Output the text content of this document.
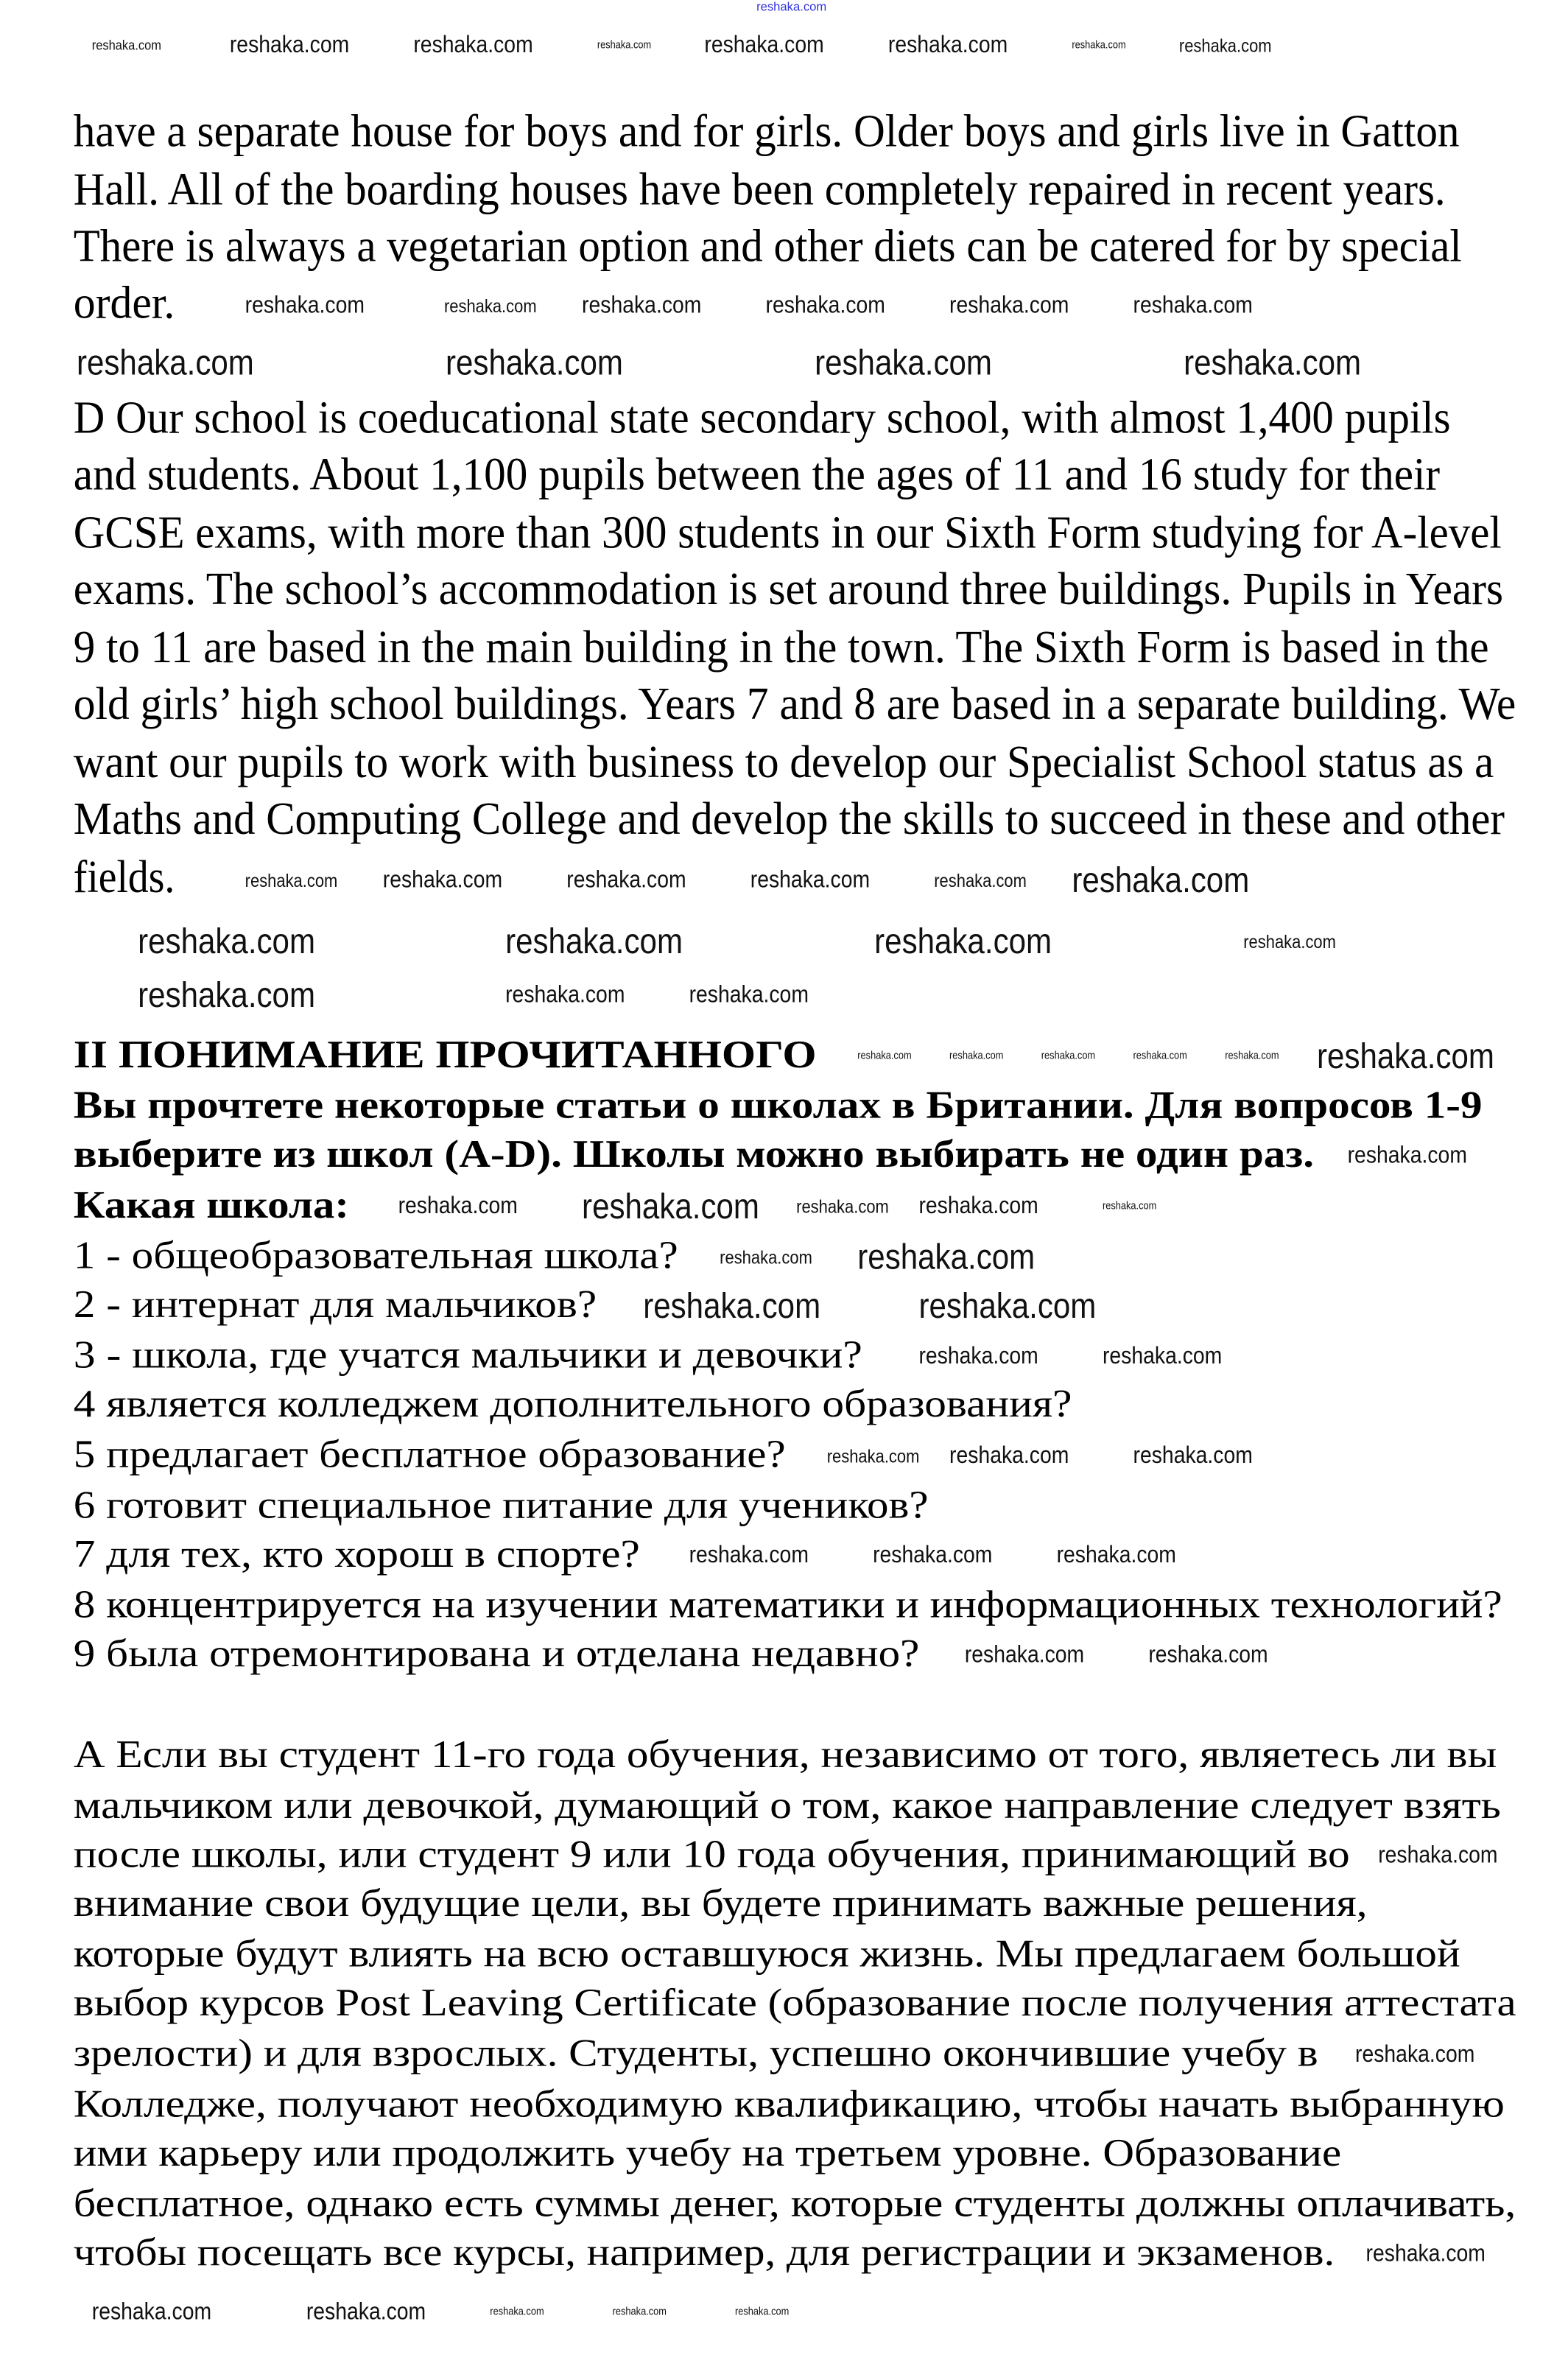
reshaka.com
have a separate house for boys and for girls. Older boys and girls live in Gatton
Hall. All of the boarding houses have been completely repaired in recent years.
There is always a vegetarian option and other diets can be catered for by special
order.
D Our school is coeducational state secondary school, with almost 1,400 pupils
and students. About 1,100 pupils between the ages of 11 and 16 study for their
GCSE exams, with more than 300 students in our Sixth Form studying for A-level
exams. The school’s accommodation is set around three buildings. Pupils in Years
9 to 11 are based in the main building in the town. The Sixth Form is based in the
old girls’ high school buildings. Years 7 and 8 are based in a separate building. We
want our pupils to work with business to develop our Specialist School status as a
Maths and Computing College and develop the skills to succeed in these and other
fields.
II ПОНИМАНИЕ ПРОЧИТАННОГО
Вы прочтете некоторые статьи о школах в Британии. Для вопросов 1-9
выберите из школ (A-D). Школы можно выбирать не один раз.
Какая школа:
1 - общеобразовательная школа?
2 - интернат для мальчиков?
3 - школа, где учатся мальчики и девочки?
4 является колледжем дополнительного образования?
5 предлагает бесплатное образование?
6 готовит специальное питание для учеников?
7 для тех, кто хорош в спорте?
8 концентрируется на изучении математики и информационных технологий?
9 была отремонтирована и отделана недавно?
А Если вы студент 11-го года обучения, независимо от того, являетесь ли вы
мальчиком или девочкой, думающий о том, какое направление следует взять
после школы, или студент 9 или 10 года обучения, принимающий во
внимание свои будущие цели, вы будете принимать важные решения,
которые будут влиять на всю оставшуюся жизнь. Мы предлагаем большой
выбор курсов Post Leaving Certificate (образование после получения аттестата
зрелости) и для взрослых. Студенты, успешно окончившие учебу в
Колледже, получают необходимую квалификацию, чтобы начать выбранную
ими карьеру или продолжить учебу на третьем уровне. Образование
бесплатное, однако есть суммы денег, которые студенты должны оплачивать,
чтобы посещать все курсы, например, для регистрации и экзаменов.
reshaka.com	reshaka.com	reshaka.com	reshaka.com	reshaka.com	reshaka.com	reshaka.com	reshaka.com
reshaka.com	reshaka.com	reshaka.com	reshaka.com
reshaka.com	reshaka.com	reshaka.com	reshaka.com	reshaka.com	reshaka.com
reshaka.com	reshaka.com	reshaka.com	reshaka.com	reshaka.com	reshaka.com
reshaka.com	reshaka.com	reshaka.com	reshaka.com
reshaka.com	reshaka.com	reshaka.com	reshaka.com	reshaka.com reshaka.com
reshaka.com	reshaka.com	reshaka.com
reshaka.com
reshaka.com	reshaka.com	reshaka.com	reshaka.com	reshaka.com
reshaka.com	reshaka.com
reshaka.com	reshaka.com
reshaka.com	reshaka.com
reshaka.com	reshaka.com	reshaka.com
reshaka.com	reshaka.com	reshaka.com
reshaka.com	reshaka.com
reshaka.com
reshaka.com
reshaka.com
reshaka.com	reshaka.com	reshaka.com	reshaka.com	reshaka.com
